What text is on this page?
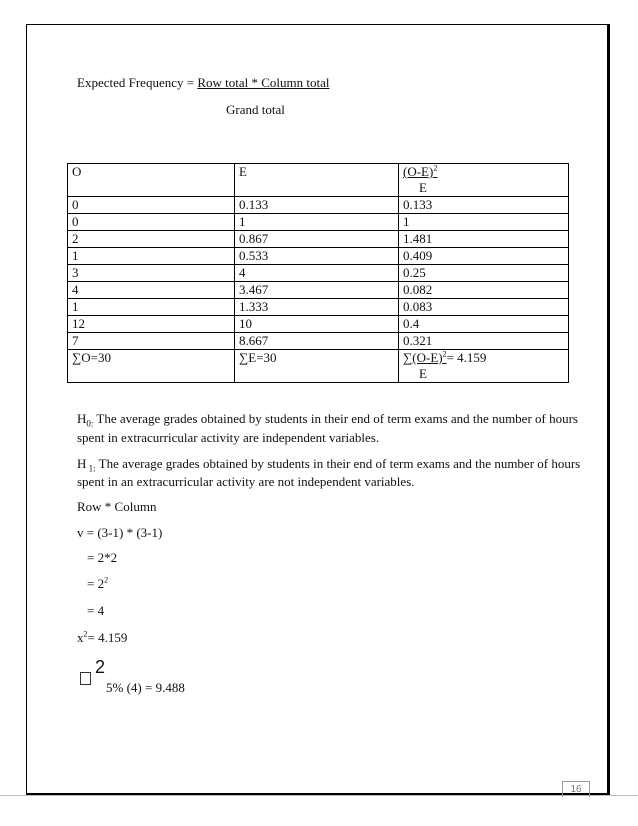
Expected Frequency = Row total * Column total
Grand total
O	E	$(O-E)^2$
E

0	0.133	0.133
0	1	1
2	0.867	1.481
1	0.533	0.409
3	4	0.25
4	3.467	0.082
1	1.333	0.083
12	10	0.4
7	8.667	0.321
∑O=30	∑E=30	$\sum(O-E)^2= 4.159$
E
$H_{0:}$ The average grades obtained by students in their end of term exams and the number of hours
spent in extracurricular activity are independent variables.
H $_{1:}$ The average grades obtained by students in their end of term exams and the number of hours
spent in an extracurricular activity are not independent variables.
Row * Column
v = (3-1) * (3-1)
= 2*2
= $2^2$
= 4
$x^2= 4.159$
2
5% (4) = 9.488
16
